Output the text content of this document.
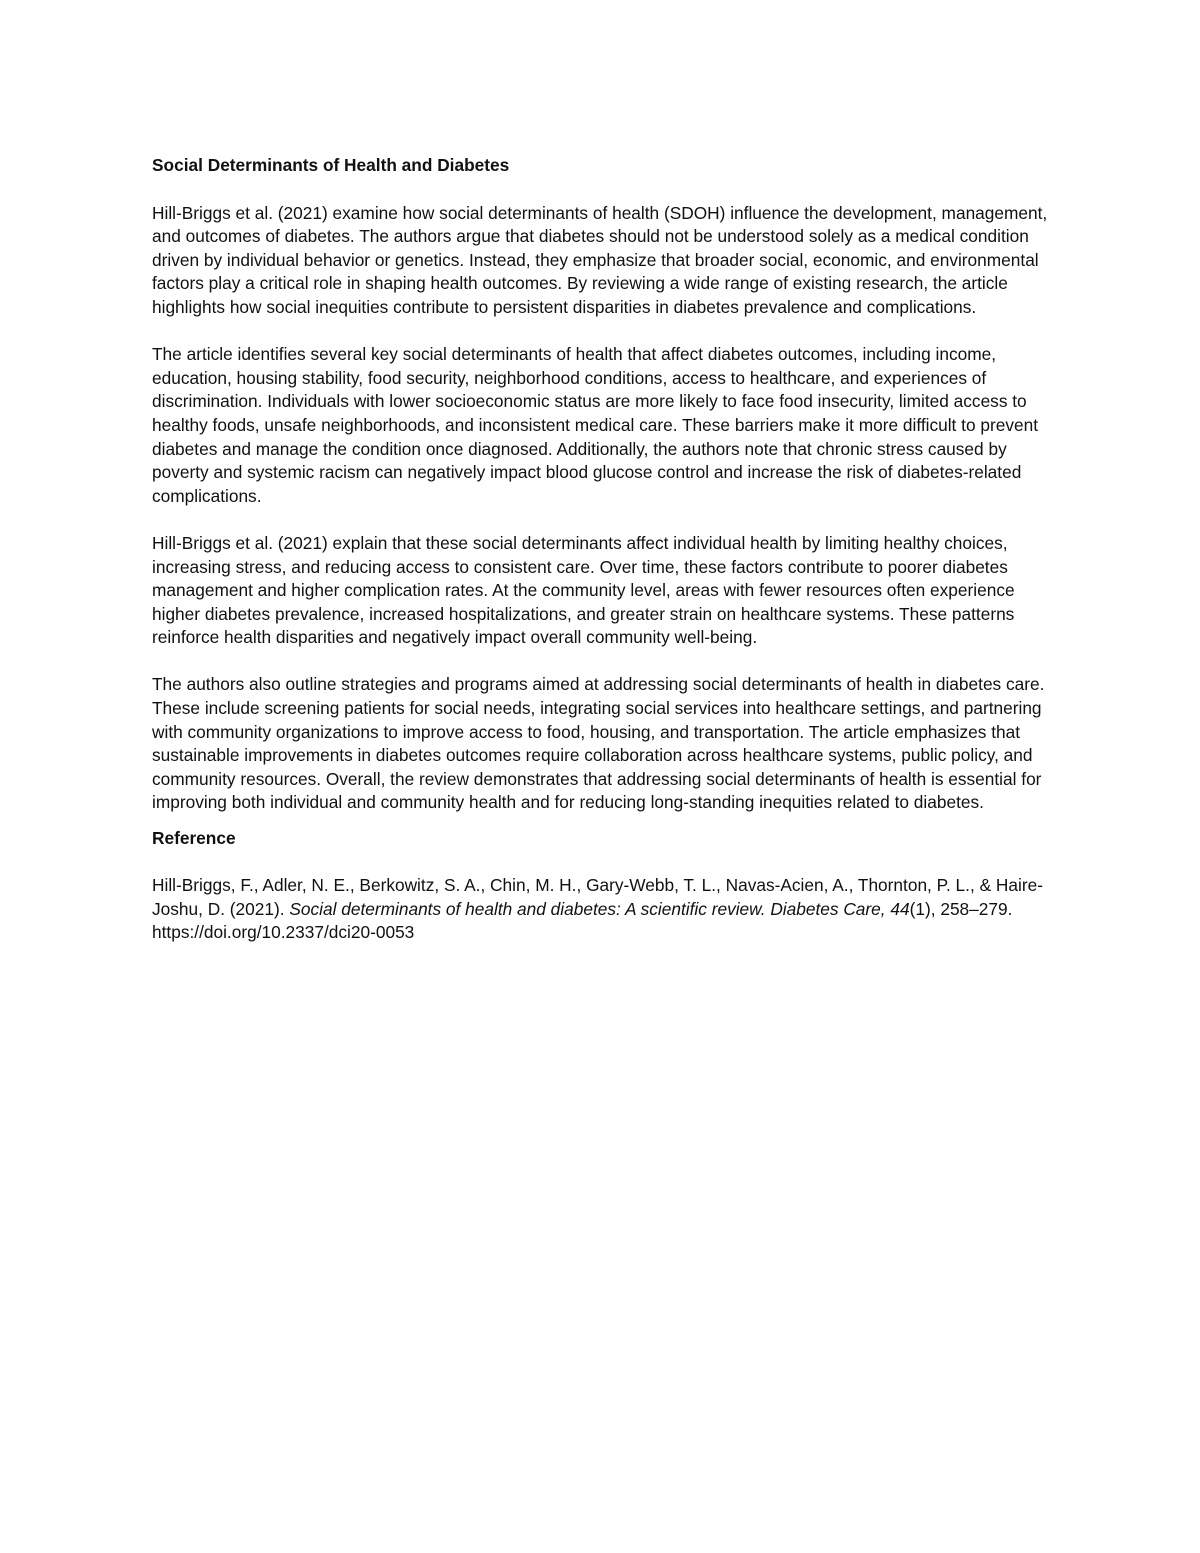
Social Determinants of Health and Diabetes

Hill-Briggs et al. (2021) examine how social determinants of health (SDOH) influence the development, management, and outcomes of diabetes. The authors argue that diabetes should not be understood solely as a medical condition driven by individual behavior or genetics. Instead, they emphasize that broader social, economic, and environmental factors play a critical role in shaping health outcomes. By reviewing a wide range of existing research, the article highlights how social inequities contribute to persistent disparities in diabetes prevalence and complications.

The article identifies several key social determinants of health that affect diabetes outcomes, including income, education, housing stability, food security, neighborhood conditions, access to healthcare, and experiences of discrimination. Individuals with lower socioeconomic status are more likely to face food insecurity, limited access to healthy foods, unsafe neighborhoods, and inconsistent medical care. These barriers make it more difficult to prevent diabetes and manage the condition once diagnosed. Additionally, the authors note that chronic stress caused by poverty and systemic racism can negatively impact blood glucose control and increase the risk of diabetes-related complications.

Hill-Briggs et al. (2021) explain that these social determinants affect individual health by limiting healthy choices, increasing stress, and reducing access to consistent care. Over time, these factors contribute to poorer diabetes management and higher complication rates. At the community level, areas with fewer resources often experience higher diabetes prevalence, increased hospitalizations, and greater strain on healthcare systems. These patterns reinforce health disparities and negatively impact overall community well-being.

The authors also outline strategies and programs aimed at addressing social determinants of health in diabetes care. These include screening patients for social needs, integrating social services into healthcare settings, and partnering with community organizations to improve access to food, housing, and transportation. The article emphasizes that sustainable improvements in diabetes outcomes require collaboration across healthcare systems, public policy, and community resources. Overall, the review demonstrates that addressing social determinants of health is essential for improving both individual and community health and for reducing long-standing inequities related to diabetes.

Reference

Hill-Briggs, F., Adler, N. E., Berkowitz, S. A., Chin, M. H., Gary-Webb, T. L., Navas-Acien, A., Thornton, P. L., & Haire-Joshu, D. (2021). Social determinants of health and diabetes: A scientific review. Diabetes Care, 44(1), 258–279. https://doi.org/10.2337/dci20-0053
